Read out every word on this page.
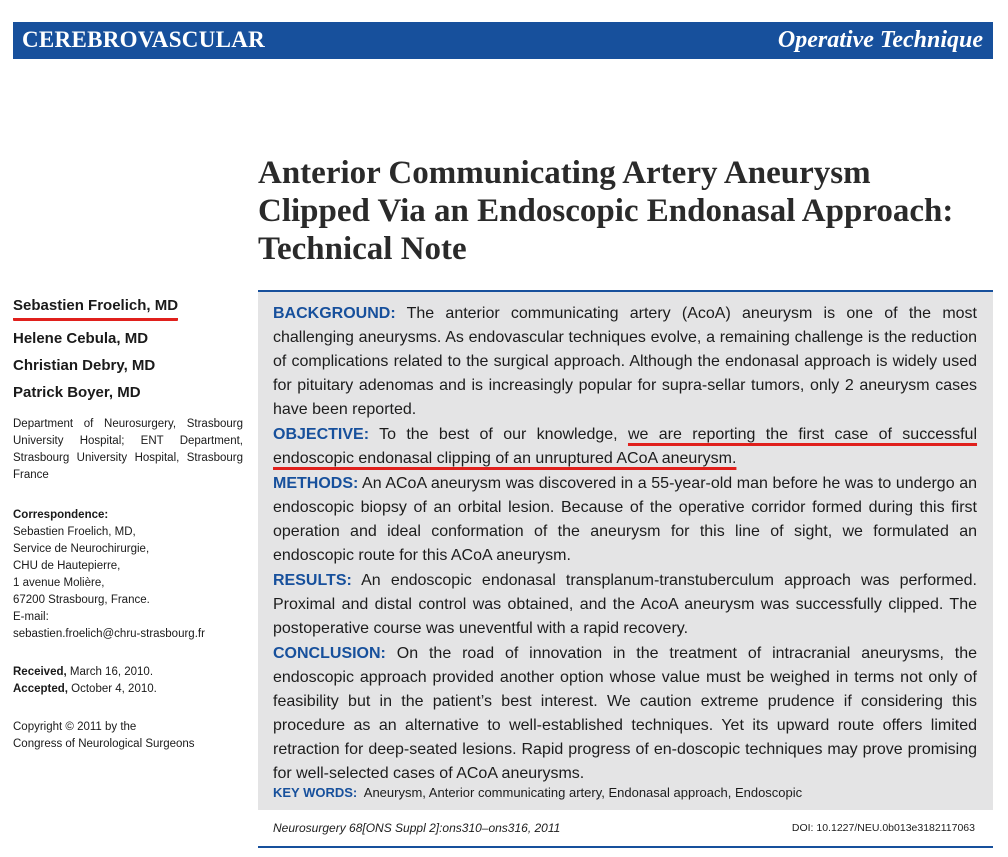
CEREBROVASCULAR	Operative Technique
Anterior Communicating Artery Aneurysm
Clipped Via an Endoscopic Endonasal Approach:
Technical Note
Sebastien Froelich, MD
Helene Cebula, MD
Christian Debry, MD
Patrick Boyer, MD
Department of Neurosurgery, Strasbourg University Hospital; ENT Department, Strasbourg University Hospital, Strasbourg France
Correspondence:
Sebastien Froelich, MD,
Service de Neurochirurgie,
CHU de Hautepierre,
1 avenue Molière,
67200 Strasbourg, France.
E-mail:
sebastien.froelich@chru-strasbourg.fr
Received, March 16, 2010.
Accepted, October 4, 2010.
Copyright © 2011 by the
Congress of Neurological Surgeons

BACKGROUND: The anterior communicating artery (AcoA) aneurysm is one of the most challenging aneurysms. As endovascular techniques evolve, a remaining challenge is the reduction of complications related to the surgical approach. Although the endonasal approach is widely used for pituitary adenomas and is increasingly popular for supra-sellar tumors, only 2 aneurysm cases have been reported.

OBJECTIVE: To the best of our knowledge, we are reporting the first case of successful endoscopic endonasal clipping of an unruptured ACoA aneurysm.

METHODS: An ACoA aneurysm was discovered in a 55-year-old man before he was to undergo an endoscopic biopsy of an orbital lesion. Because of the operative corridor formed during this first operation and ideal conformation of the aneurysm for this line of sight, we formulated an endoscopic route for this ACoA aneurysm.

RESULTS: An endoscopic endonasal transplanum-transtuberculum approach was performed. Proximal and distal control was obtained, and the AcoA aneurysm was successfully clipped. The postoperative course was uneventful with a rapid recovery.

CONCLUSION: On the road of innovation in the treatment of intracranial aneurysms, the endoscopic approach provided another option whose value must be weighed in terms not only of feasibility but in the patient’s best interest. We caution extreme prudence if considering this procedure as an alternative to well-established techniques. Yet its upward route offers limited retraction for deep-seated lesions. Rapid progress of en-doscopic techniques may prove promising for well-selected cases of ACoA aneurysms.

KEY WORDS: Aneurysm, Anterior communicating artery, Endonasal approach, Endoscopic
Neurosurgery 68[ONS Suppl 2]:ons310–ons316, 2011	DOI: 10.1227/NEU.0b013e3182117063
